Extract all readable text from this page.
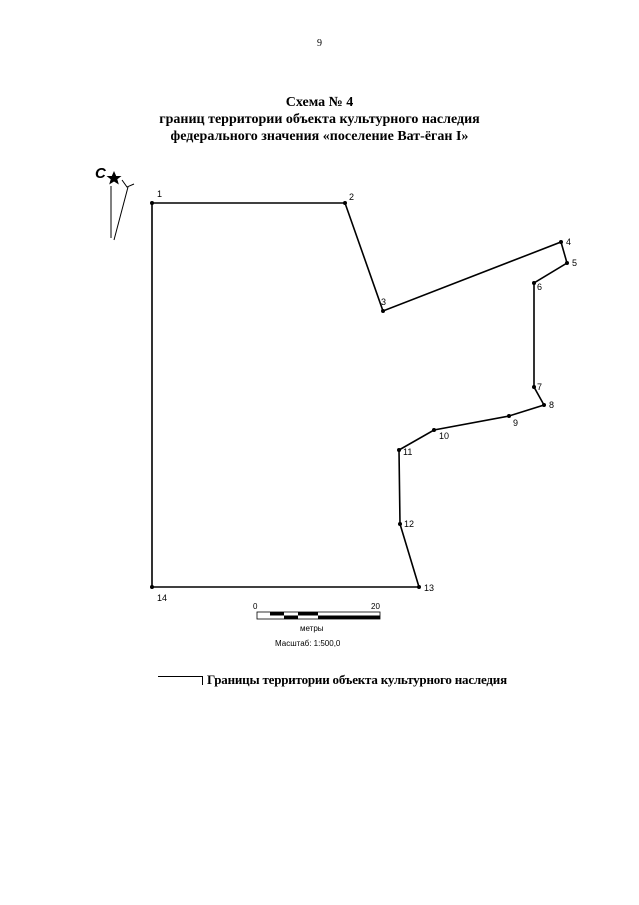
9
Схема № 4
границ территории объекта культурного наследия
федерального значения «поселение Ват-ёган I»
С
1	2
3
4
5
6
7
8
9
10
11
12
13
14
0	20
метры
Масштаб: 1:500,0
Границы территории объекта культурного наследия
